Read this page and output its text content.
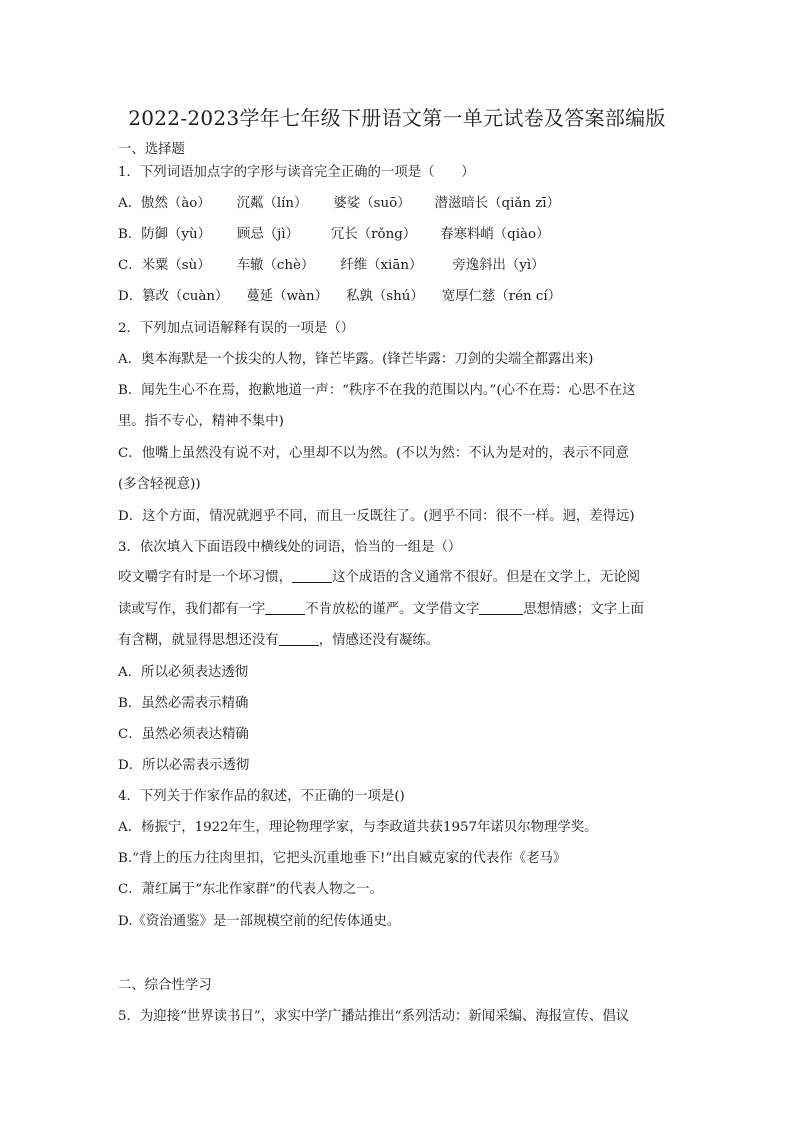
2022-2023学年七年级下册语文第一单元试卷及答案部编版
一、选择题
1．下列词语加点字的字形与读音完全正确的一项是（　　）
A．傲然（ào） 沉粼（lín） 婆娑（suō） 潜滋暗长（qiǎn zī）
B．防御（yù） 顾忌（jì） 冗长（rǒng） 春寒料峭（qiào）
C．米粟（sù） 车辙（chè） 纤维（xiān） 旁逸斜出（yì）
D．篡改（cuàn） 蔓延（wàn） 私孰（shú） 宽厚仁慈（rén cí）
2．下列加点词语解释有误的一项是（）
A．奥本海默是一个拔尖的人物，锋芒毕露。(锋芒毕露：刀剑的尖端全都露出来)
B．闻先生心不在焉，抱歉地道一声：“秩序不在我的范围以内。”(心不在焉：心思不在这
里。指不专心，精神不集中)
C．他嘴上虽然没有说不对，心里却不以为然。(不以为然：不认为是对的，表示不同意
(多含轻视意))
D．这个方面，情况就迥乎不同，而且一反既往了。(迥乎不同：很不一样。迥，差得远)
3．依次填入下面语段中横线处的词语，恰当的一组是（）
咬文嚼字有时是一个坏习惯，	这个成语的含义通常不很好。但是在文学上，无论阅
读或写作，我们都有一字	不肯放松的谨严。文学借文字	思想情感；文字上面
有含糊，就显得思想还没有	，情感还没有凝练。
A．所以必须表达透彻
B．虽然必需表示精确
C．虽然必须表达精确
D．所以必需表示透彻
4．下列关于作家作品的叙述，不正确的一项是()
A．杨振宁，1922年生，理论物理学家，与李政道共获1957年诺贝尔物理学奖。
B.“背上的压力往肉里扣，它把头沉重地垂下!”出自臧克家的代表作《老马》
C．萧红属于“东北作家群”的代表人物之一。
D.《资治通鉴》是一部规模空前的纪传体通史。
二、综合性学习
5．为迎接“世界读书日”，求实中学广播站推出“系列活动：新闻采编、海报宣传、倡议
